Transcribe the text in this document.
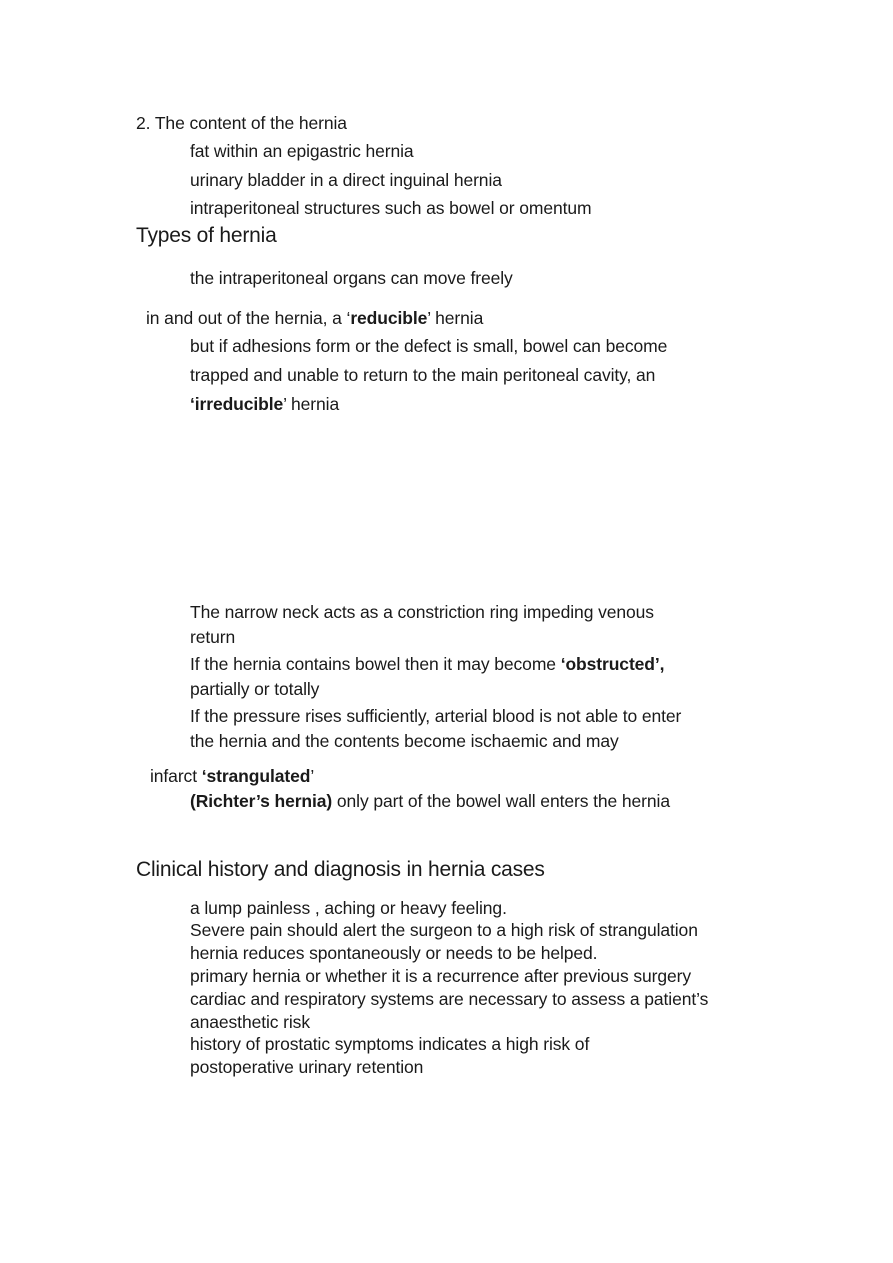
2. The content of the hernia
fat within an epigastric hernia
urinary bladder in a direct inguinal hernia
intraperitoneal structures such as bowel or omentum
Types of hernia
the intraperitoneal organs can move freely
in and out of the hernia, a ‘reducible’ hernia
but if adhesions form or the defect is small, bowel can become
trapped and unable to return to the main peritoneal cavity, an
‘irreducible’ hernia
The narrow neck acts as a constriction ring impeding venous
return
If the hernia contains bowel then it may become ‘obstructed’,
partially or totally
If the pressure rises sufficiently, arterial blood is not able to enter
the hernia and the contents become ischaemic and may
infarct ‘strangulated’
(Richter’s hernia) only part of the bowel wall enters the hernia
Clinical history and diagnosis in hernia cases
a lump painless , aching or heavy feeling.
Severe pain should alert the surgeon to a high risk of strangulation
hernia reduces spontaneously or needs to be helped.
primary hernia or whether it is a recurrence after previous surgery
cardiac and respiratory systems are necessary to assess a patient’s
anaesthetic risk
history of prostatic symptoms indicates a high risk of
postoperative urinary retention
